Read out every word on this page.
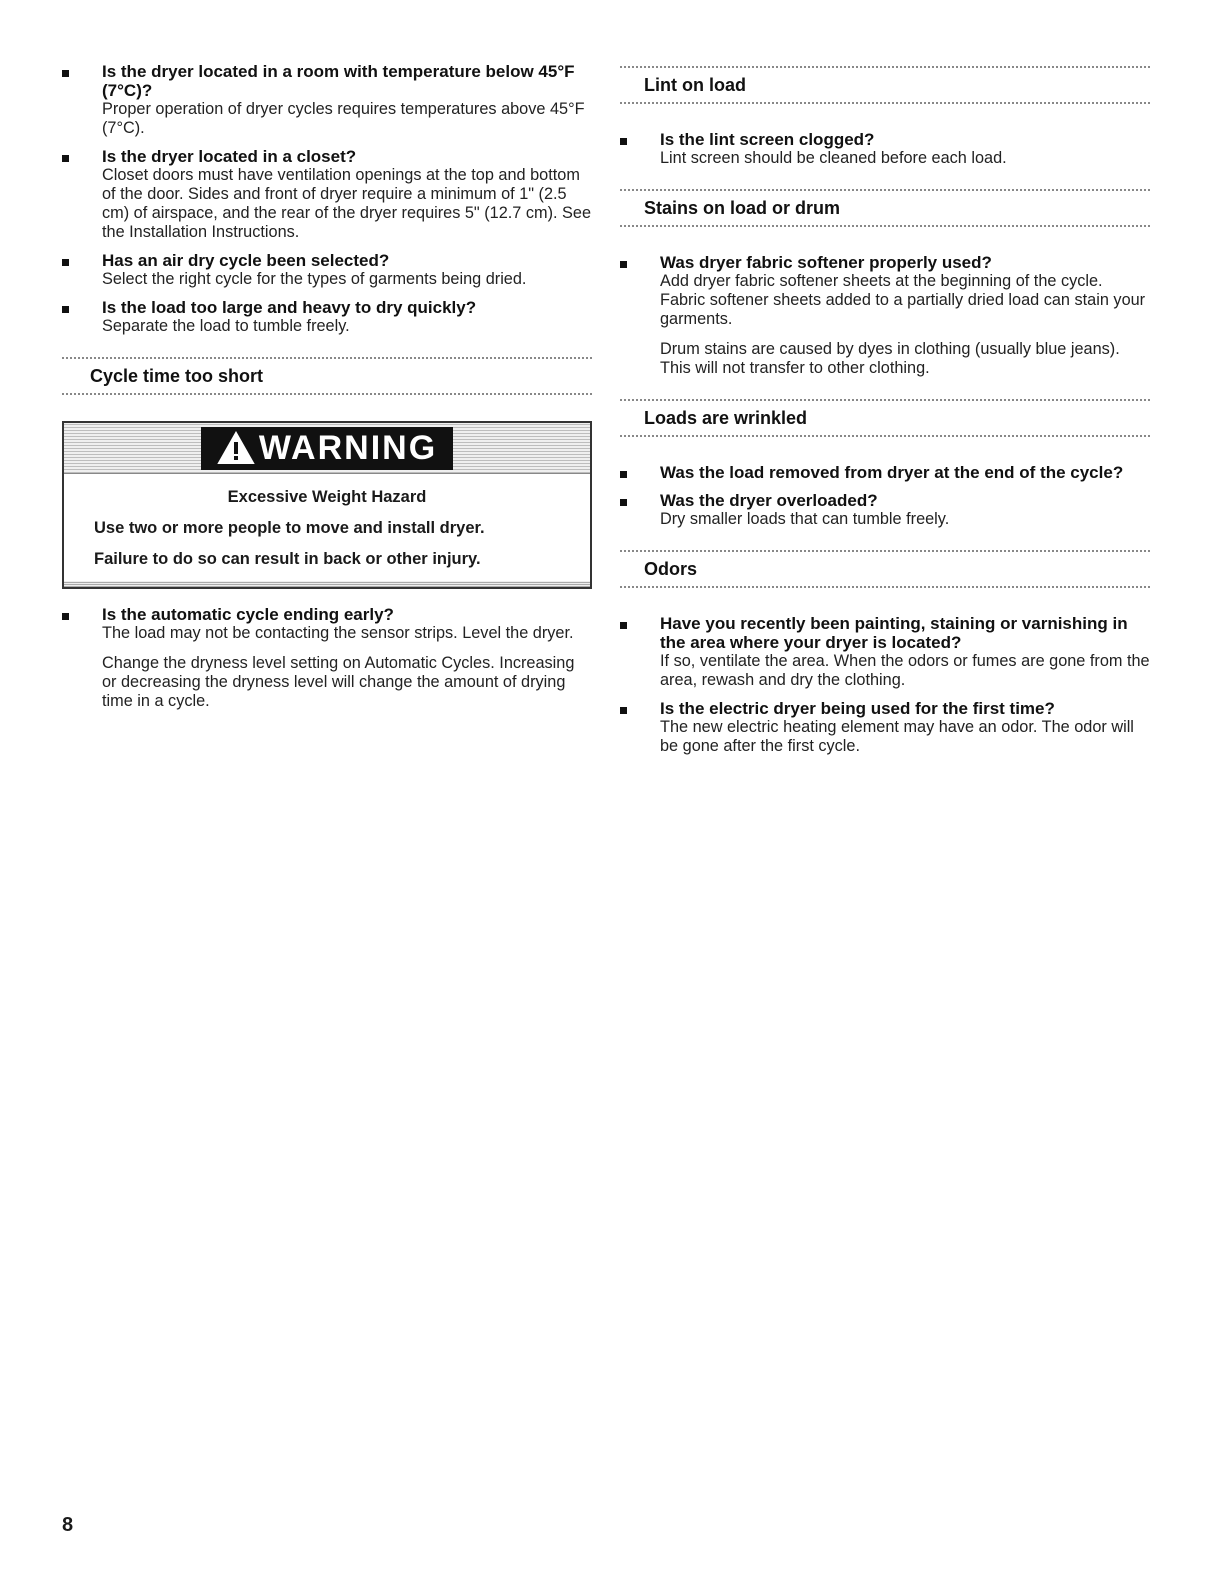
Is the dryer located in a room with temperature below 45°F (7°C)?
Proper operation of dryer cycles requires temperatures above 45°F (7°C).
Is the dryer located in a closet?
Closet doors must have ventilation openings at the top and bottom of the door. Sides and front of dryer require a minimum of 1" (2.5 cm) of airspace, and the rear of the dryer requires 5" (12.7 cm). See the Installation Instructions.
Has an air dry cycle been selected?
Select the right cycle for the types of garments being dried.
Is the load too large and heavy to dry quickly?
Separate the load to tumble freely.
Cycle time too short
WARNING
Excessive Weight Hazard
Use two or more people to move and install dryer.
Failure to do so can result in back or other injury.
Is the automatic cycle ending early?
The load may not be contacting the sensor strips. Level the dryer.
Change the dryness level setting on Automatic Cycles. Increasing or decreasing the dryness level will change the amount of drying time in a cycle.
Lint on load
Is the lint screen clogged?
Lint screen should be cleaned before each load.
Stains on load or drum
Was dryer fabric softener properly used?
Add dryer fabric softener sheets at the beginning of the cycle. Fabric softener sheets added to a partially dried load can stain your garments.
Drum stains are caused by dyes in clothing (usually blue jeans). This will not transfer to other clothing.
Loads are wrinkled
Was the load removed from dryer at the end of the cycle?
Was the dryer overloaded?
Dry smaller loads that can tumble freely.
Odors
Have you recently been painting, staining or varnishing in the area where your dryer is located?
If so, ventilate the area. When the odors or fumes are gone from the area, rewash and dry the clothing.
Is the electric dryer being used for the first time?
The new electric heating element may have an odor. The odor will be gone after the first cycle.
8
